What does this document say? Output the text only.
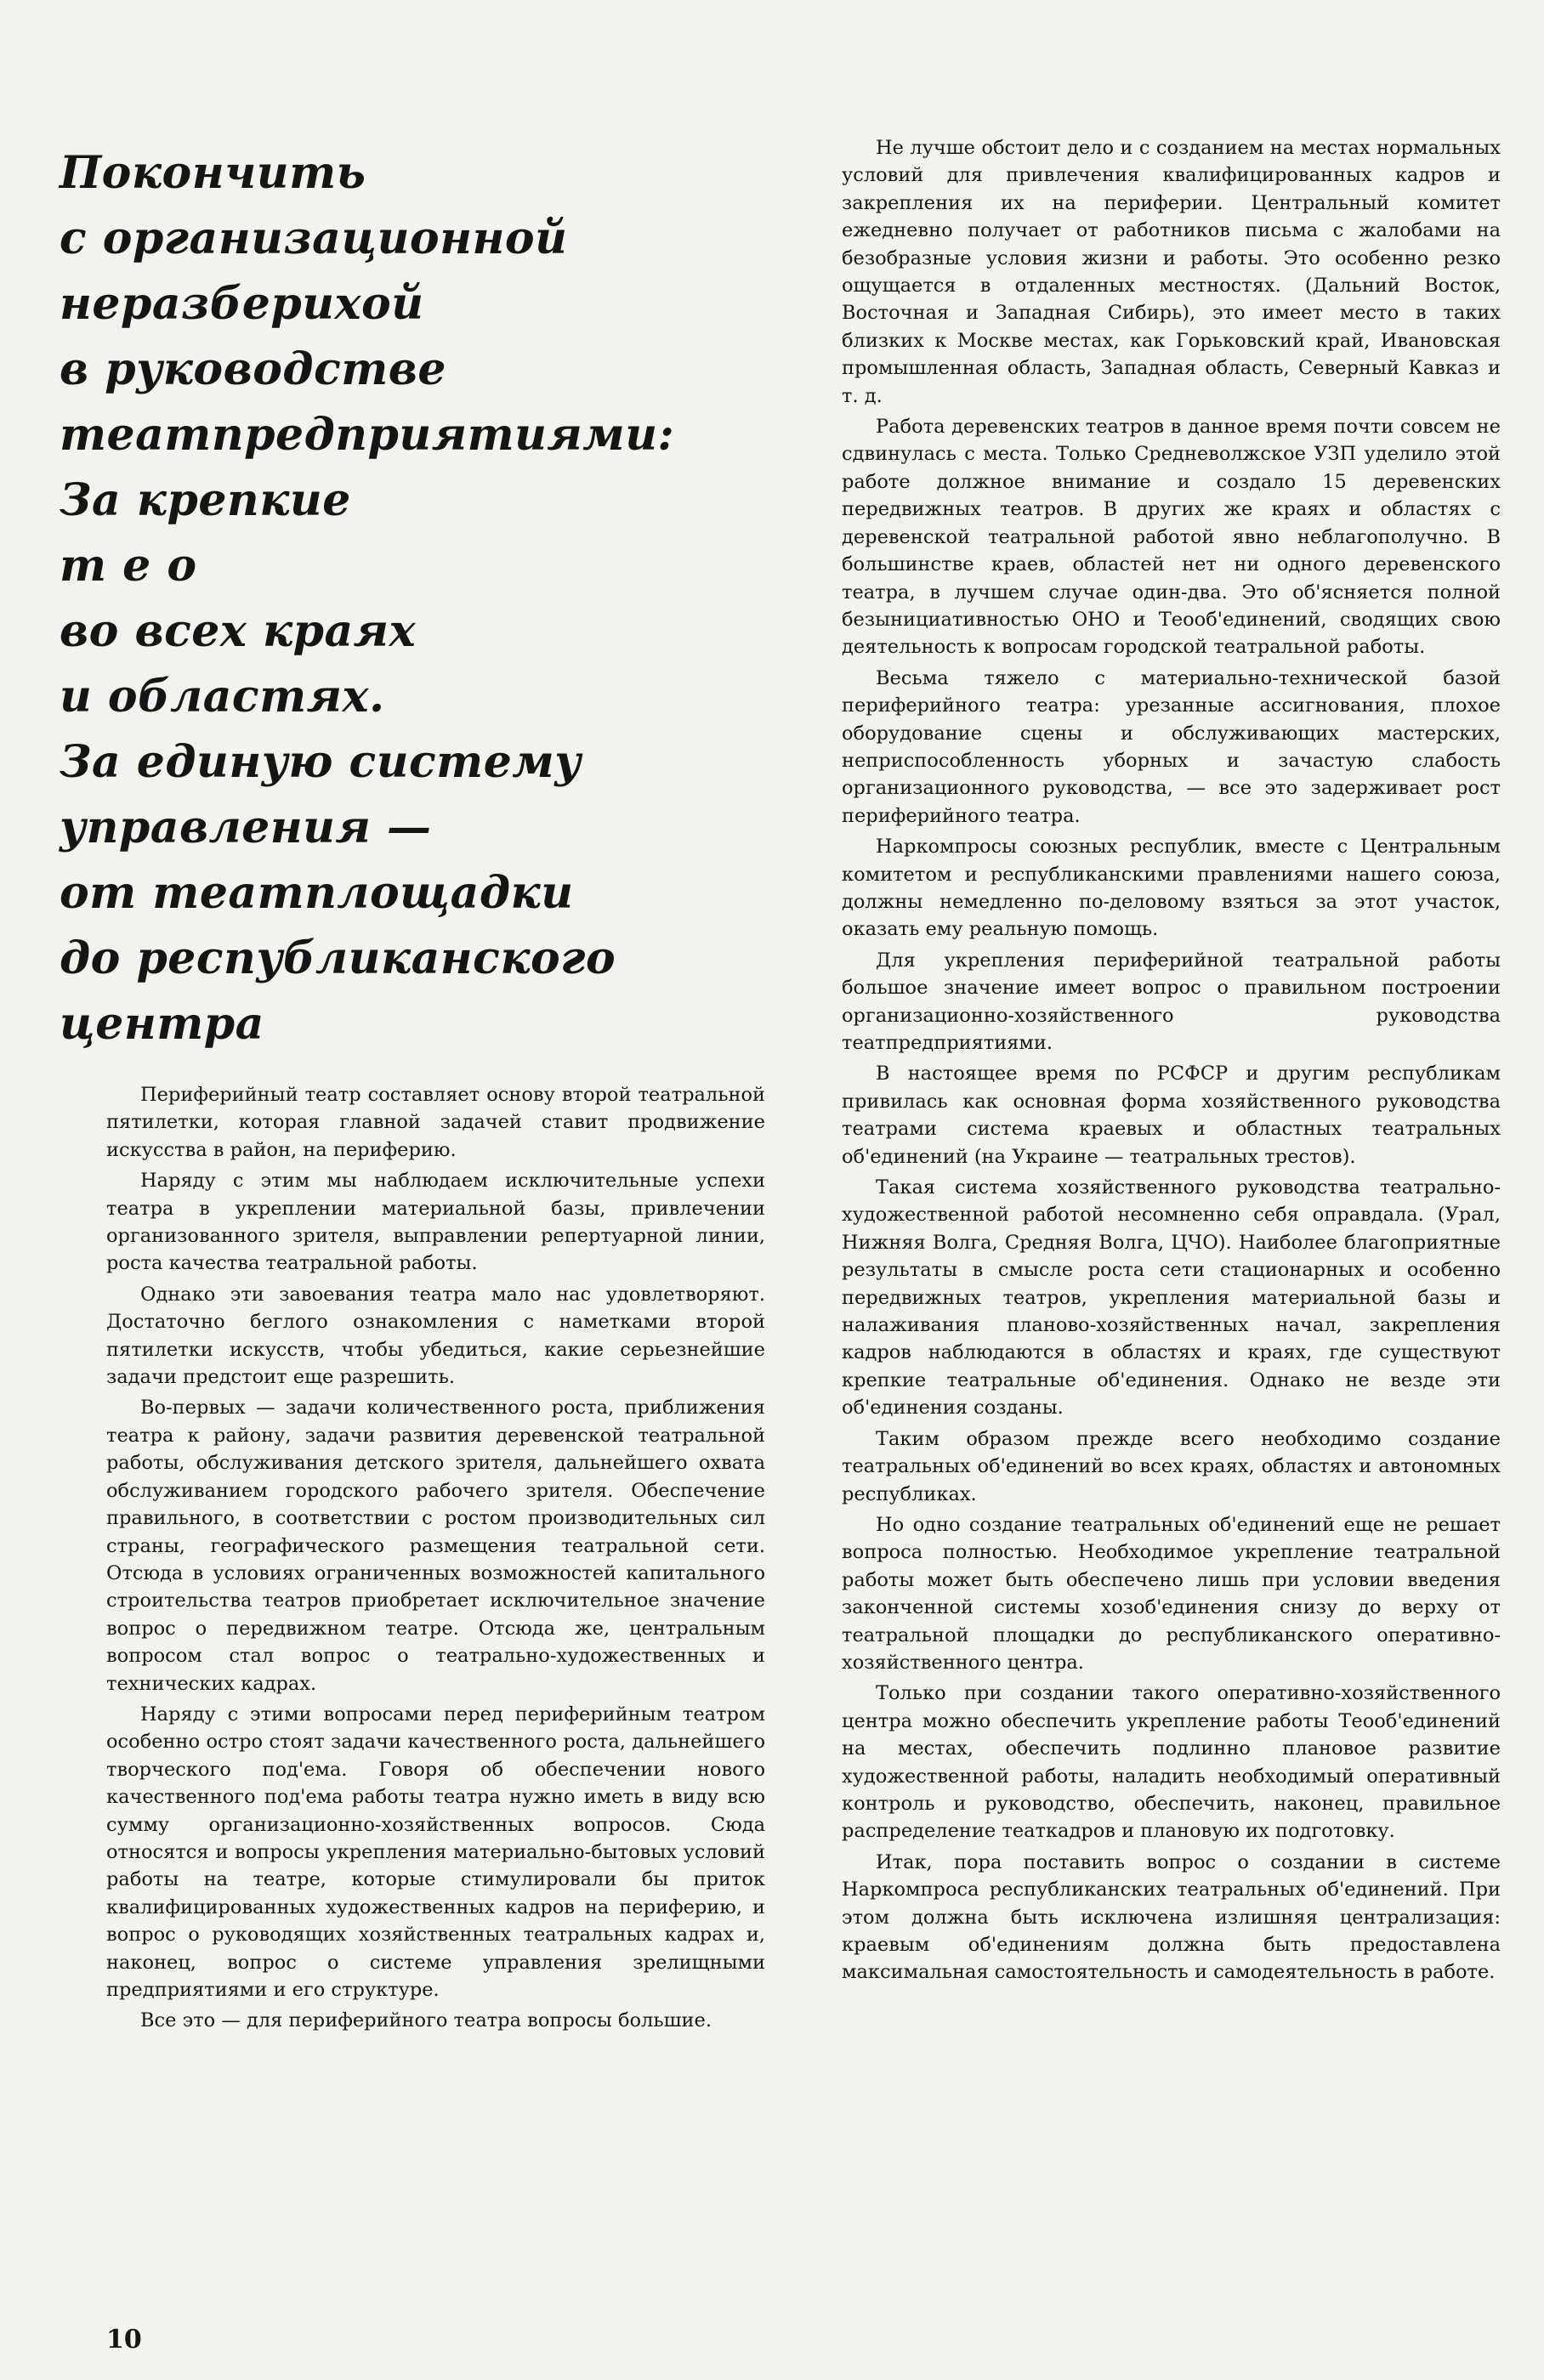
Покончить
с организационной
неразберихой
в руководстве
театпредприятиями:
За крепкие
т е о
во всех краях
и областях.
За единую систему
управления —
от театплощадки
до республиканского
центра

Периферийный театр составляет основу второй театральной пятилетки, которая главной задачей ставит продвижение искусства в район, на периферию.

Наряду с этим мы наблюдаем исключительные успехи театра в укреплении материальной базы, привлечении организованного зрителя, выправлении репертуарной линии, роста качества театральной работы.

Однако эти завоевания театра мало нас удовлетворяют. Достаточно беглого ознакомления с наметками второй пятилетки искусств, чтобы убедиться, какие серьезнейшие задачи предстоит еще разрешить.

Во-первых — задачи количественного роста, приближения театра к району, задачи развития деревенской театральной работы, обслуживания детского зрителя, дальнейшего охвата обслуживанием городского рабочего зрителя. Обеспечение правильного, в соответствии с ростом производительных сил страны, географического размещения театральной сети. Отсюда в условиях ограниченных возможностей капитального строительства театров приобретает исключительное значение вопрос о передвижном театре. Отсюда же, центральным вопросом стал вопрос о театрально-художественных и технических кадрах.

Наряду с этими вопросами перед периферийным театром особенно остро стоят задачи качественного роста, дальнейшего творческого под'ема. Говоря об обеспечении нового качественного под'ема работы театра нужно иметь в виду всю сумму организационно-хозяйственных вопросов. Сюда относятся и вопросы укрепления материально-бытовых условий работы на театре, которые стимулировали бы приток квалифицированных художественных кадров на периферию, и вопрос о руководящих хозяйственных театральных кадрах и, наконец, вопрос о системе управления зрелищными предприятиями и его структуре.

Все это — для периферийного театра вопросы большие.

Не лучше обстоит дело и с созданием на местах нормальных условий для привлечения квалифицированных кадров и закрепления их на периферии. Центральный комитет ежедневно получает от работников письма с жалобами на безобразные условия жизни и работы. Это особенно резко ощущается в отдаленных местностях. (Дальний Восток, Восточная и Западная Сибирь), это имеет место в таких близких к Москве местах, как Горьковский край, Ивановская промышленная область, Западная область, Северный Кавказ и т. д.

Работа деревенских театров в данное время почти совсем не сдвинулась с места. Только Средневолжское УЗП уделило этой работе должное внимание и создало 15 деревенских передвижных театров. В других же краях и областях с деревенской театральной работой явно неблагополучно. В большинстве краев, областей нет ни одного деревенского театра, в лучшем случае один-два. Это об'ясняется полной безынициативностью ОНО и Теооб'единений, сводящих свою деятельность к вопросам городской театральной работы.

Весьма тяжело с материально-технической базой периферийного театра: урезанные ассигнования, плохое оборудование сцены и обслуживающих мастерских, неприспособленность уборных и зачастую слабость организационного руководства, — все это задерживает рост периферийного театра.

Наркомпросы союзных республик, вместе с Центральным комитетом и республиканскими правлениями нашего союза, должны немедленно по-деловому взяться за этот участок, оказать ему реальную помощь.

Для укрепления периферийной театральной работы большое значение имеет вопрос о правильном построении организационно-хозяйственного руководства театпредприятиями.

В настоящее время по РСФСР и другим республикам привилась как основная форма хозяйственного руководства театрами система краевых и областных театральных об'единений (на Украине — театральных трестов).

Такая система хозяйственного руководства театрально-художественной работой несомненно себя оправдала. (Урал, Нижняя Волга, Средняя Волга, ЦЧО). Наиболее благоприятные результаты в смысле роста сети стационарных и особенно передвижных театров, укрепления материальной базы и налаживания планово-хозяйственных начал, закрепления кадров наблюдаются в областях и краях, где существуют крепкие театральные об'единения. Однако не везде эти об'единения созданы.

Таким образом прежде всего необходимо создание театральных об'единений во всех краях, областях и автономных республиках.

Но одно создание театральных об'единений еще не решает вопроса полностью. Необходимое укрепление театральной работы может быть обеспечено лишь при условии введения законченной системы хозоб'единения снизу до верху от театральной площадки до республиканского оперативно-хозяйственного центра.

Только при создании такого оперативно-хозяйственного центра можно обеспечить укрепление работы Теооб'единений на местах, обеспечить подлинно плановое развитие художественной работы, наладить необходимый оперативный контроль и руководство, обеспечить, наконец, правильное распределение театкадров и плановую их подготовку.

Итак, пора поставить вопрос о создании в системе Наркомпроса республиканских театральных об'единений. При этом должна быть исключена излишняя централизация: краевым об'единениям должна быть предоставлена максимальная самостоятельность и самодеятельность в работе.

10
